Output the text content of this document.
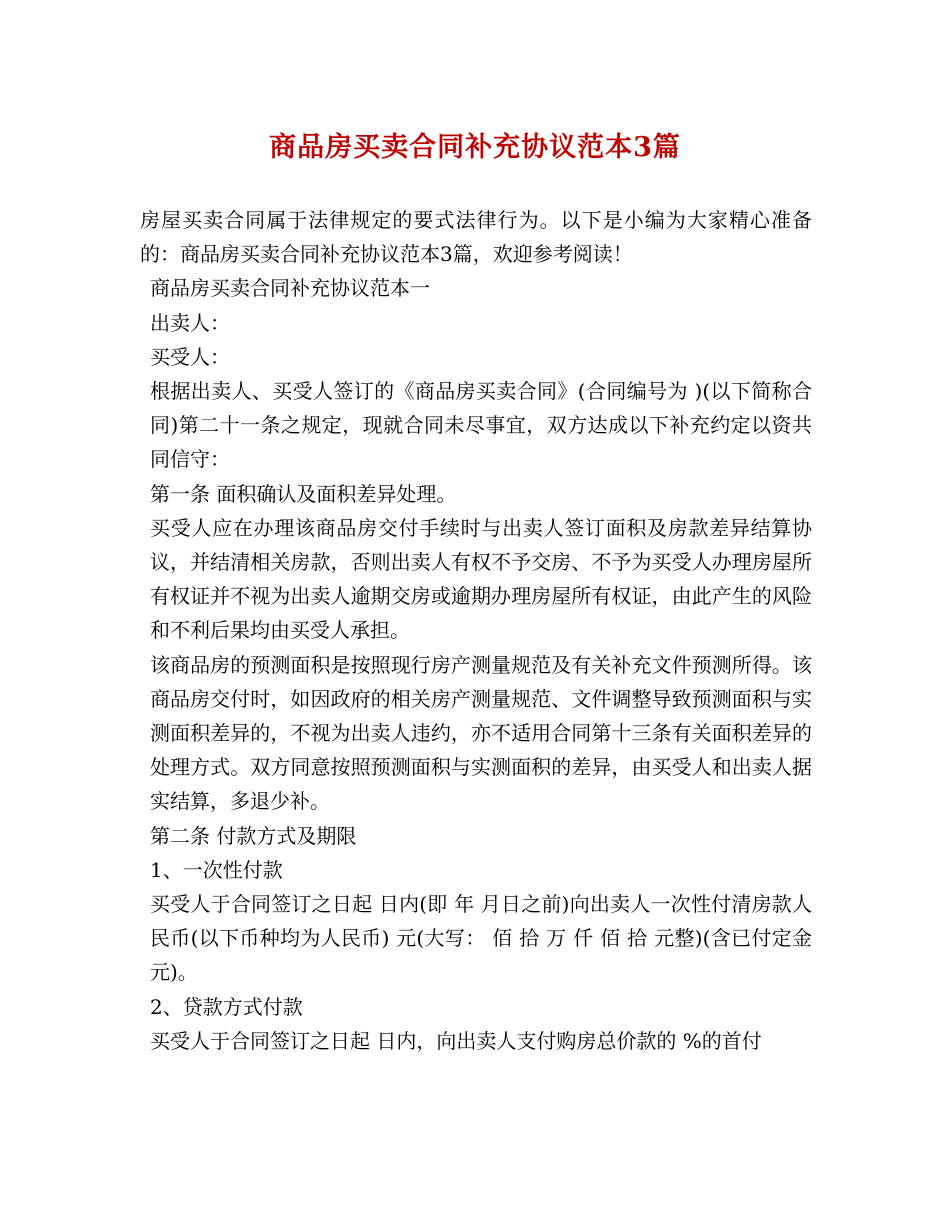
商品房买卖合同补充协议范本3篇

房屋买卖合同属于法律规定的要式法律行为。以下是小编为大家精心准备的：商品房买卖合同补充协议范本3篇，欢迎参考阅读！

商品房买卖合同补充协议范本一

出卖人：

买受人：

根据出卖人、买受人签订的《商品房买卖合同》(合同编号为 )(以下简称合同)第二十一条之规定，现就合同未尽事宜，双方达成以下补充约定以资共同信守：

第一条 面积确认及面积差异处理。

买受人应在办理该商品房交付手续时与出卖人签订面积及房款差异结算协议，并结清相关房款，否则出卖人有权不予交房、不予为买受人办理房屋所有权证并不视为出卖人逾期交房或逾期办理房屋所有权证，由此产生的风险和不利后果均由买受人承担。

该商品房的预测面积是按照现行房产测量规范及有关补充文件预测所得。该商品房交付时，如因政府的相关房产测量规范、文件调整导致预测面积与实测面积差异的，不视为出卖人违约，亦不适用合同第十三条有关面积差异的处理方式。双方同意按照预测面积与实测面积的差异，由买受人和出卖人据实结算，多退少补。

第二条 付款方式及期限

1、一次性付款

买受人于合同签订之日起 日内(即 年 月日之前)向出卖人一次性付清房款人民币(以下币种均为人民币) 元(大写： 佰 拾 万 仟 佰 拾 元整)(含已付定金 元)。

2、贷款方式付款

买受人于合同签订之日起 日内，向出卖人支付购房总价款的 %的首付
